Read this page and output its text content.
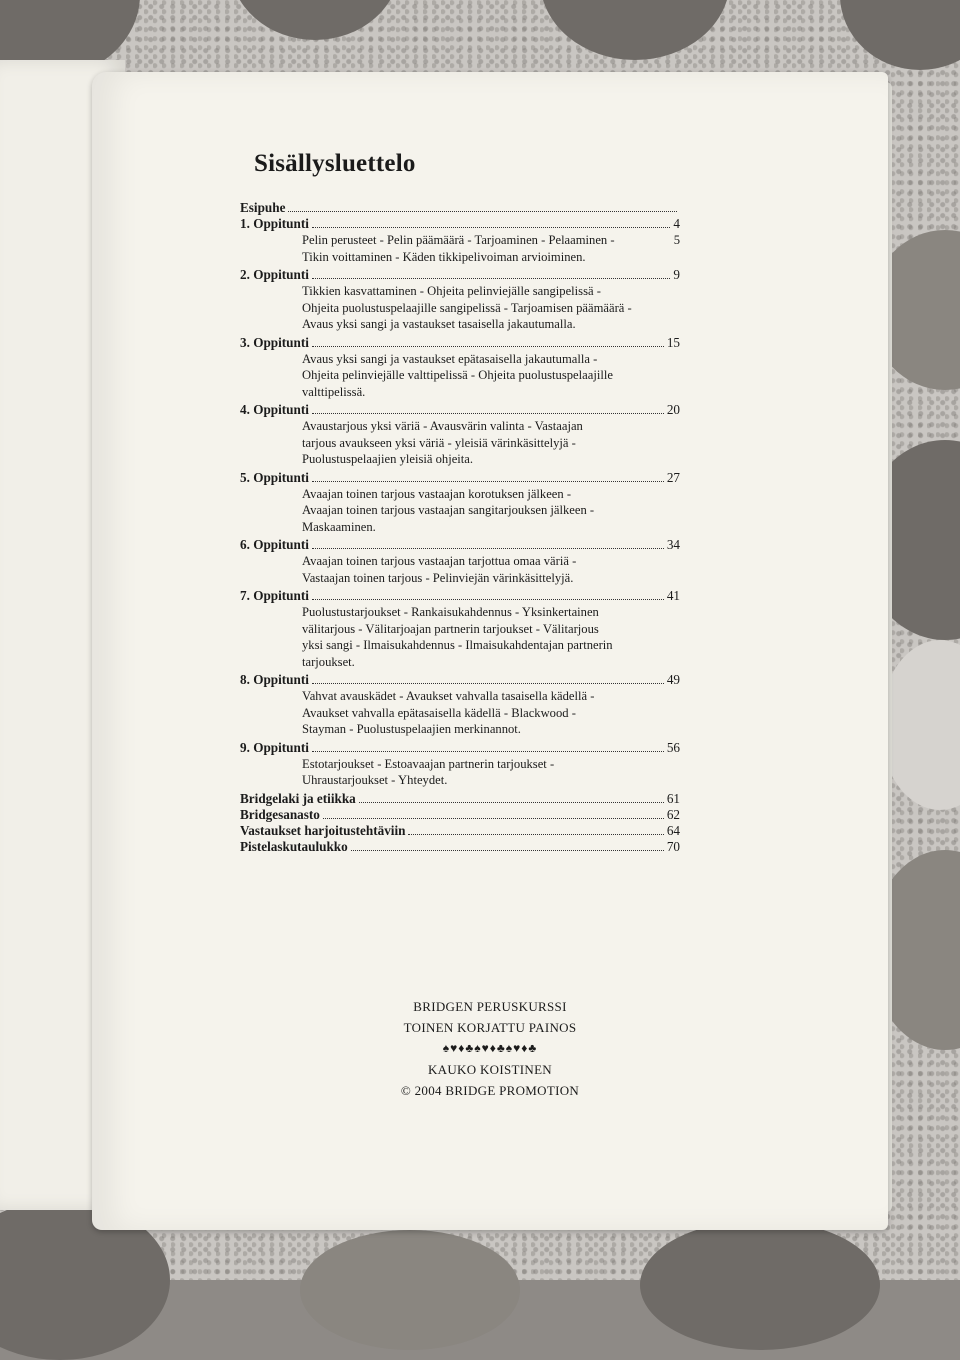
Sisällysluettelo
Esipuhe
1. Oppitunti	4
Pelin perusteet - Pelin päämäärä - Tarjoaminen - Pelaaminen -	5
Tikin voittaminen - Käden tikkipelivoiman arvioiminen.
2. Oppitunti	9
Tikkien kasvattaminen - Ohjeita pelinviejälle sangipelissä -
Ohjeita puolustuspelaajille sangipelissä - Tarjoamisen päämäärä -
Avaus yksi sangi ja vastaukset tasaisella jakautumalla.
3. Oppitunti	15
Avaus yksi sangi ja vastaukset epätasaisella jakautumalla -
Ohjeita pelinviejälle valttipelissä - Ohjeita puolustuspelaajille
valttipelissä.
4. Oppitunti	20
Avaustarjous yksi väriä - Avausvärin valinta - Vastaajan
tarjous avaukseen yksi väriä - yleisiä värinkäsittelyjä -
Puolustuspelaajien yleisiä ohjeita.
5. Oppitunti	27
Avaajan toinen tarjous vastaajan korotuksen jälkeen -
Avaajan toinen tarjous vastaajan sangitarjouksen jälkeen -
Maskaaminen.
6. Oppitunti	34
Avaajan toinen tarjous vastaajan tarjottua omaa väriä -
Vastaajan toinen tarjous - Pelinviejän värinkäsittelyjä.
7. Oppitunti	41
Puolustustarjoukset - Rankaisukahdennus - Yksinkertainen
välitarjous - Välitarjoajan partnerin tarjoukset - Välitarjous
yksi sangi - Ilmaisukahdennus - Ilmaisukahdentajan partnerin
tarjoukset.
8. Oppitunti	49
Vahvat avauskädet - Avaukset vahvalla tasaisella kädellä -
Avaukset vahvalla epätasaisella kädellä - Blackwood -
Stayman - Puolustuspelaajien merkinannot.
9. Oppitunti	56
Estotarjoukset - Estoavaajan partnerin tarjoukset -
Uhraustarjoukset - Yhteydet.
Bridgelaki ja etiikka	61
Bridgesanasto	62
Vastaukset harjoitustehtäviin	64
Pistelaskutaulukko	70
BRIDGEN PERUSKURSSI
TOINEN KORJATTU PAINOS
♠♥♦♣♠♥♦♣♠♥♦♣
KAUKO KOISTINEN
© 2004 BRIDGE PROMOTION
